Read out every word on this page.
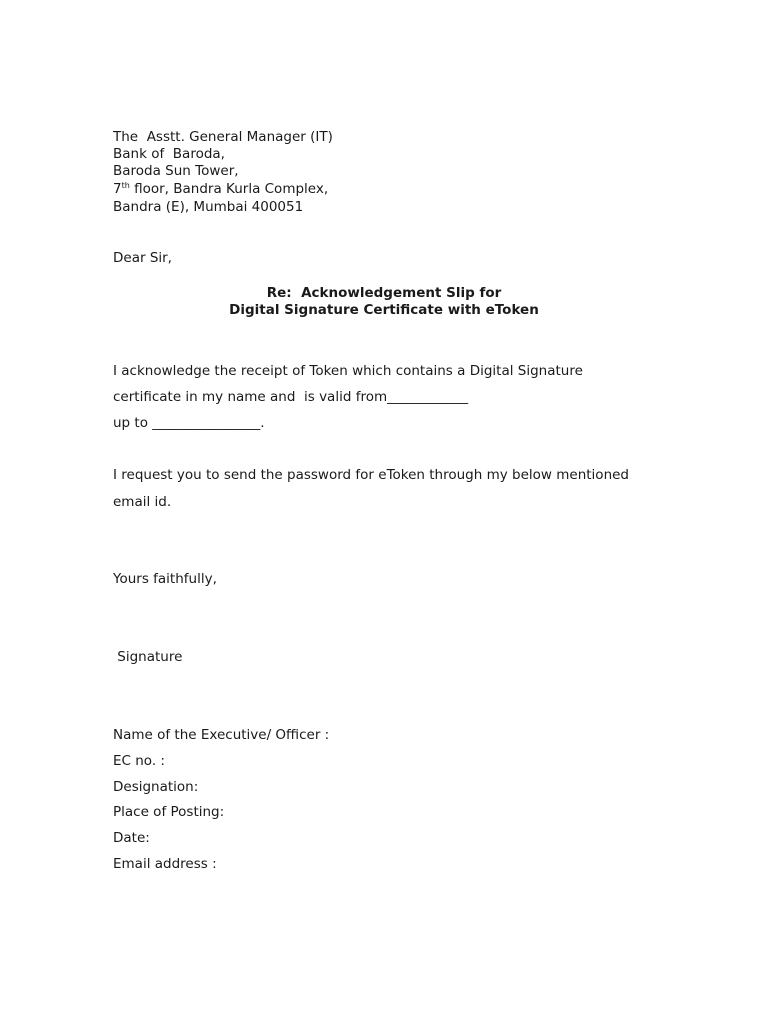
The  Asstt. General Manager (IT)
Bank of  Baroda,
Baroda Sun Tower,
7th floor, Bandra Kurla Complex,
Bandra (E), Mumbai 400051
Dear Sir,
Re:  Acknowledgement Slip for
Digital Signature Certificate with eToken
I acknowledge the receipt of Token which contains a Digital Signature
certificate in my name and  is valid from____________
up to ________________.
I request you to send the password for eToken through my below mentioned
email id.
Yours faithfully,
Signature
Name of the Executive/ Officer :
EC no. :
Designation:
Place of Posting:
Date:
Email address :
